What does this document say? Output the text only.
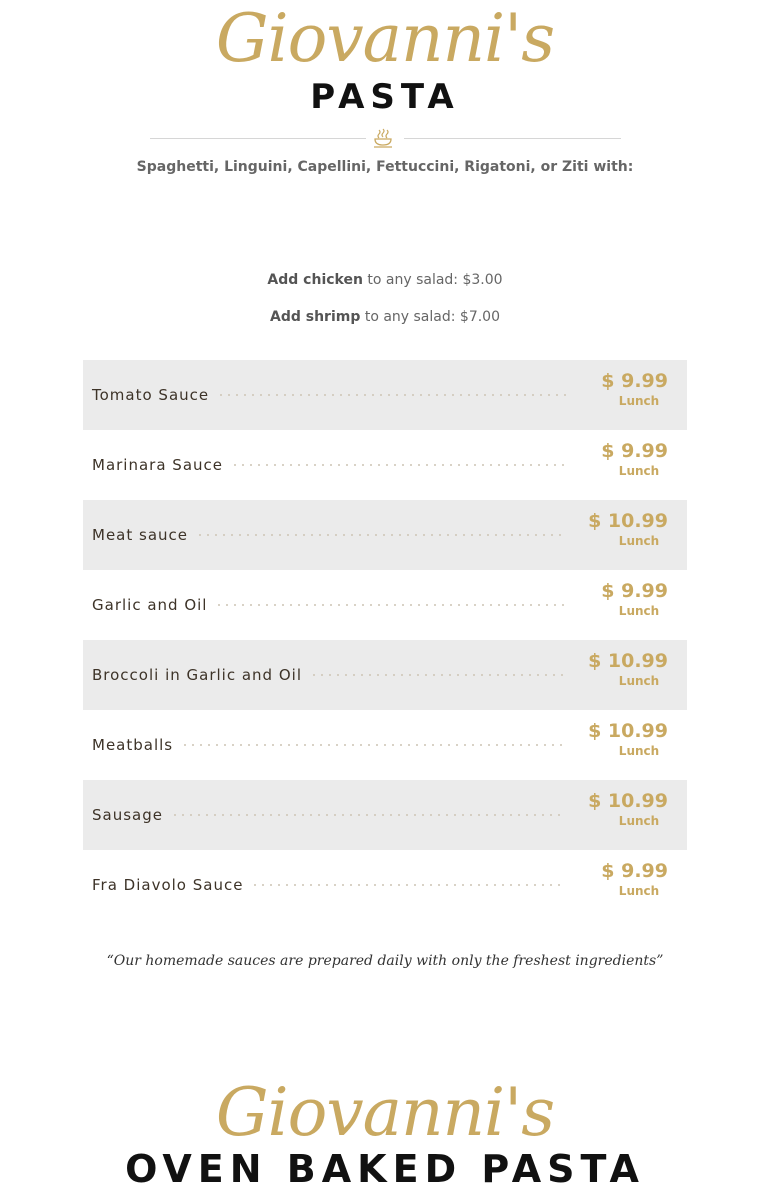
Giovanni's
PASTA
Spaghetti, Linguini, Capellini, Fettuccini, Rigatoni, or Ziti with:
Add chicken to any salad: $3.00
Add shrimp to any salad: $7.00
Tomato Sauce
$ 9.99
Lunch
Marinara Sauce
$ 9.99
Lunch
Meat sauce
$ 10.99
Lunch
Garlic and Oil
$ 9.99
Lunch
Broccoli in Garlic and Oil
$ 10.99
Lunch
Meatballs
$ 10.99
Lunch
Sausage
$ 10.99
Lunch
Fra Diavolo Sauce
$ 9.99
Lunch
“Our homemade sauces are prepared daily with only the freshest ingredients”
Giovanni's
OVEN BAKED PASTA
